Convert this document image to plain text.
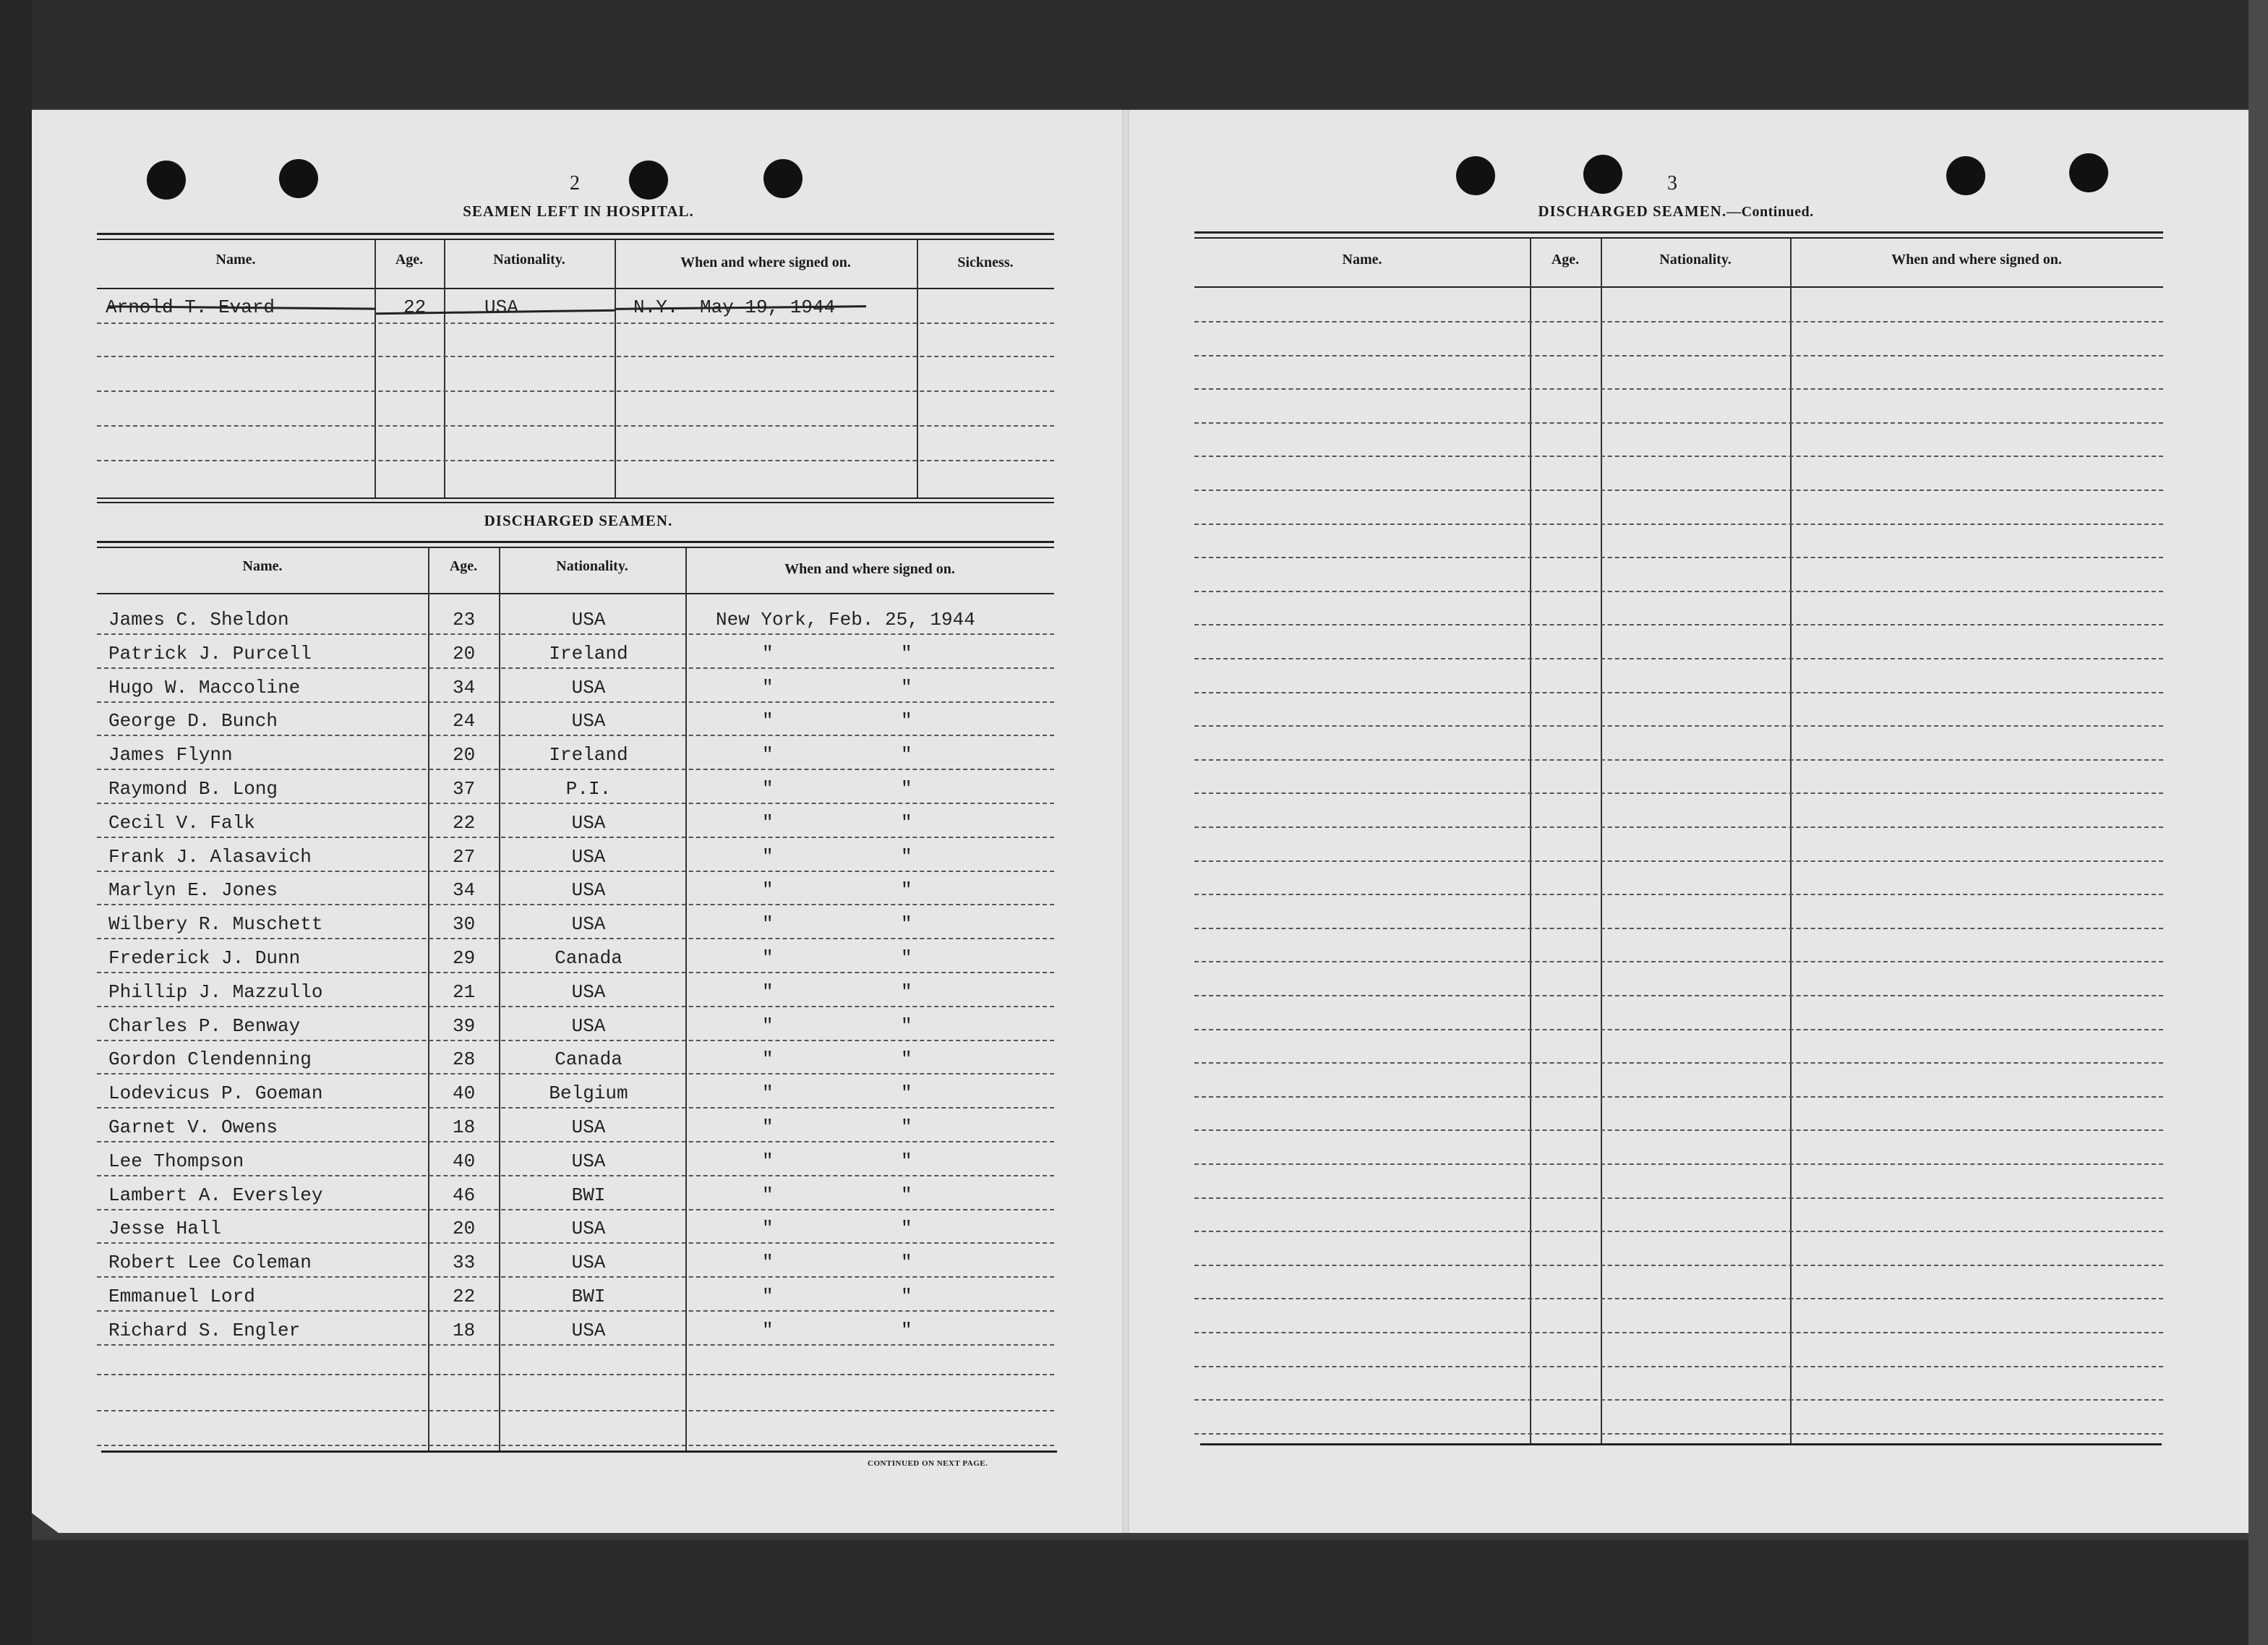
2
SEAMEN LEFT IN HOSPITAL.
Name.	Age.	Nationality.	When and where signed on.	Sickness.
Arnold T. Evard	22	USA	N.Y. May 19, 1944
DISCHARGED SEAMEN.
Name.	Age.	Nationality.	When and where signed on.
James C. Sheldon	23	USA	New York, Feb. 25, 1944
Patrick J. Purcell	20	Ireland	"	"
Hugo W. Maccoline	34	USA	"	"
George D. Bunch	24	USA	"	"
James Flynn	20	Ireland	"	"
Raymond B. Long	37	P.I.	"	"
Cecil V. Falk	22	USA	"	"
Frank J. Alasavich	27	USA	"	"
Marlyn E. Jones	34	USA	"	"
Wilbery R. Muschett	30	USA	"	"
Frederick J. Dunn	29	Canada	"	"
Phillip J. Mazzullo	21	USA	"	"
Charles P. Benway	39	USA	"	"
Gordon Clendenning	28	Canada	"	"
Lodevicus P. Goeman	40	Belgium	"	"
Garnet V. Owens	18	USA	"	"
Lee Thompson	40	USA	"	"
Lambert A. Eversley	46	BWI	"	"
Jesse Hall	20	USA	"	"
Robert Lee Coleman	33	USA	"	"
Emmanuel Lord	22	BWI	"	"
Richard S. Engler	18	USA	"	"
CONTINUED ON NEXT PAGE.
3
DISCHARGED SEAMEN.—Continued.
Name.	Age.	Nationality.	When and where signed on.
